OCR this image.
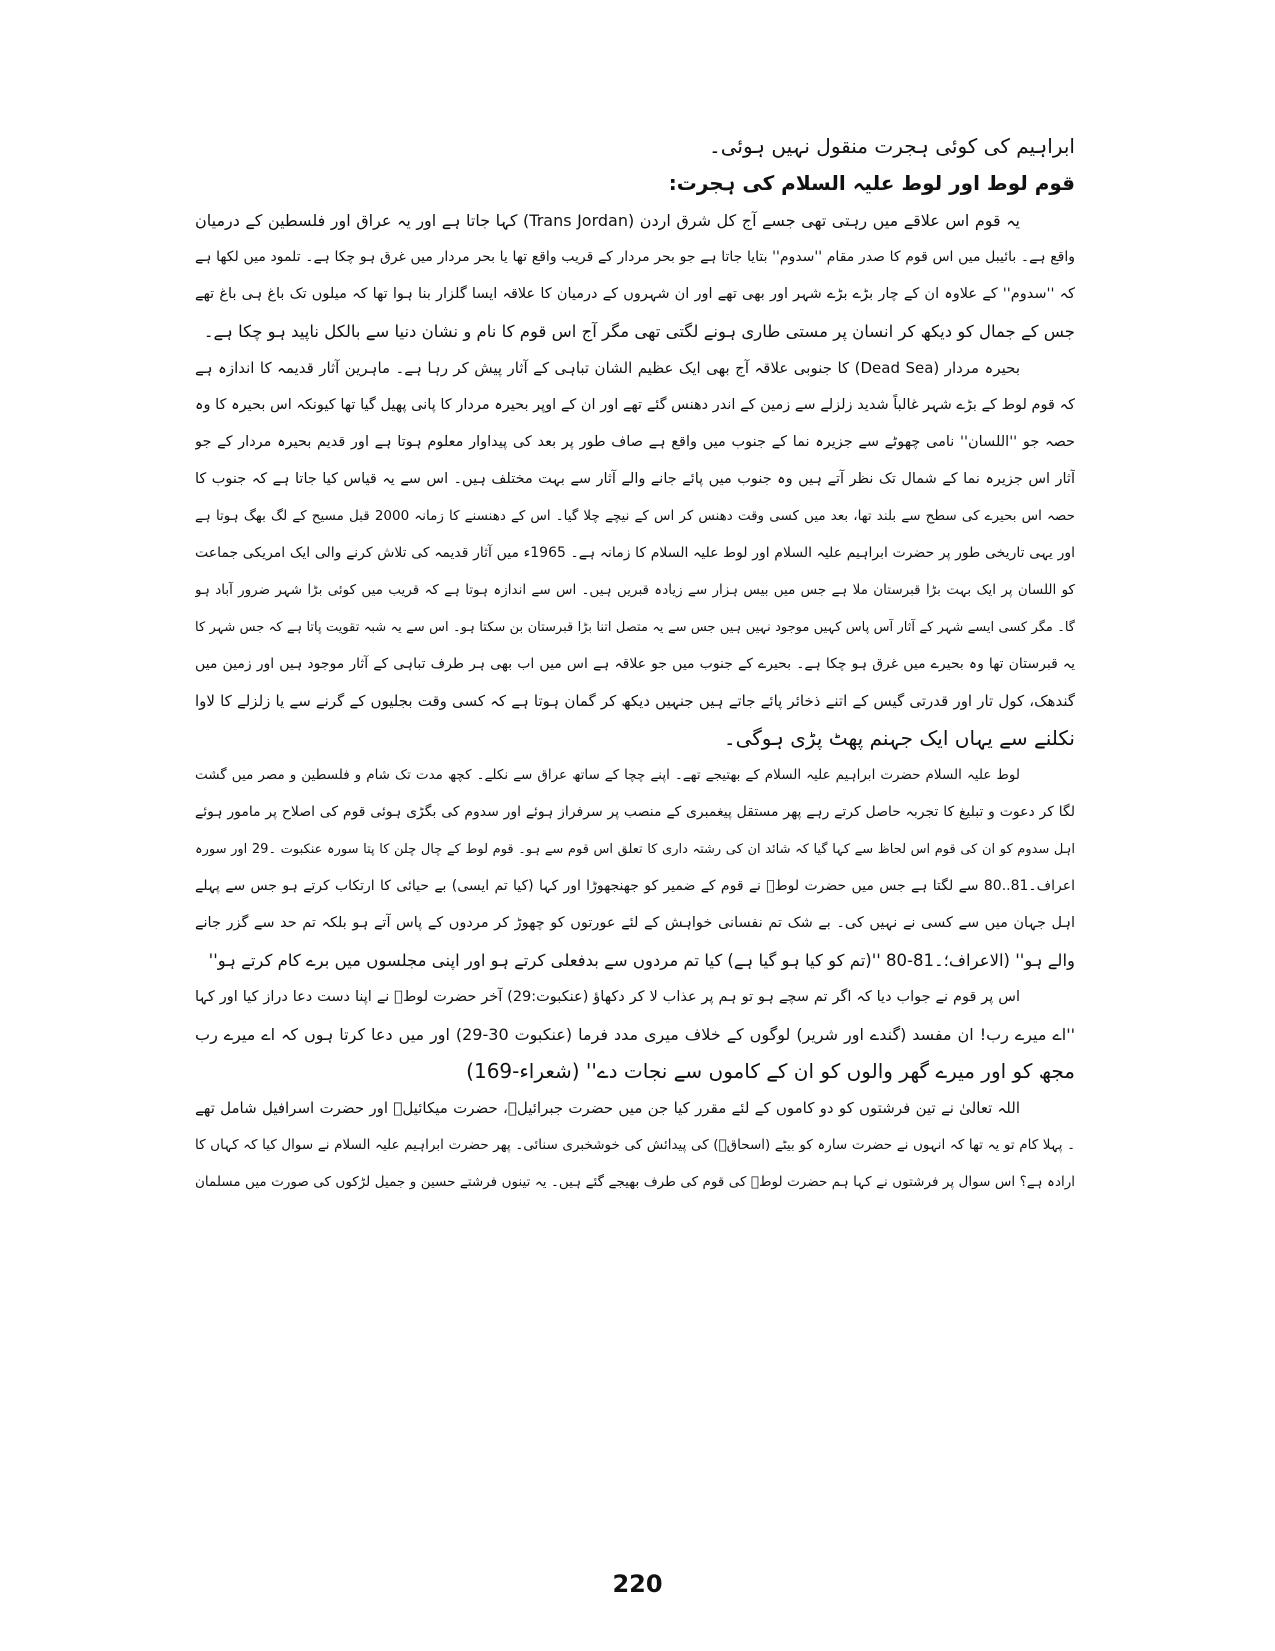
ابراہیم کی کوئی ہجرت منقول نہیں ہوئی۔
قوم لوط اور لوط علیہ السلام کی ہجرت:
یہ قوم اس علاقے میں رہتی تھی جسے آج کل شرق اردن (Trans Jordan) کہا جاتا ہے اور یہ عراق اور فلسطین کے درمیان
واقع ہے۔ بائیبل میں اس قوم کا صدر مقام ''سدوم'' بتایا جاتا ہے جو بحر مردار کے قریب واقع تھا یا بحر مردار میں غرق ہو چکا ہے۔ تلمود میں لکھا ہے
کہ ''سدوم'' کے علاوہ ان کے چار بڑے بڑے شہر اور بھی تھے اور ان شہروں کے درمیان کا علاقہ ایسا گلزار بنا ہوا تھا کہ میلوں تک باغ ہی باغ تھے
جس کے جمال کو دیکھ کر انسان پر مستی طاری ہونے لگتی تھی مگر آج اس قوم کا نام و نشان دنیا سے بالکل ناپید ہو چکا ہے۔
بحیرہ مردار (Dead Sea) کا جنوبی علاقہ آج بھی ایک عظیم الشان تباہی کے آثار پیش کر رہا ہے۔ ماہرین آثار قدیمہ کا اندازہ ہے
کہ قوم لوط کے بڑے شہر غالباً شدید زلزلے سے زمین کے اندر دھنس گئے تھے اور ان کے اوپر بحیرہ مردار کا پانی پھیل گیا تھا کیونکہ اس بحیرہ کا وہ
حصہ جو ''اللسان'' نامی چھوٹے سے جزیرہ نما کے جنوب میں واقع ہے صاف طور پر بعد کی پیداوار معلوم ہوتا ہے اور قدیم بحیرہ مردار کے جو
آثار اس جزیرہ نما کے شمال تک نظر آتے ہیں وہ جنوب میں پائے جانے والے آثار سے بہت مختلف ہیں۔ اس سے یہ قیاس کیا جاتا ہے کہ جنوب کا
حصہ اس بحیرے کی سطح سے بلند تھا، بعد میں کسی وقت دھنس کر اس کے نیچے چلا گیا۔ اس کے دھنسنے کا زمانہ 2000 قبل مسیح کے لگ بھگ ہوتا ہے
اور یہی تاریخی طور پر حضرت ابراہیم علیہ السلام اور لوط علیہ السلام کا زمانہ ہے۔ 1965ء میں آثار قدیمہ کی تلاش کرنے والی ایک امریکی جماعت
کو اللسان پر ایک بہت بڑا قبرستان ملا ہے جس میں بیس ہزار سے زیادہ قبریں ہیں۔ اس سے اندازہ ہوتا ہے کہ قریب میں کوئی بڑا شہر ضرور آباد ہو
گا۔ مگر کسی ایسے شہر کے آثار آس پاس کہیں موجود نہیں ہیں جس سے یہ متصل اتنا بڑا قبرستان بن سکتا ہو۔ اس سے یہ شبہ تقویت پاتا ہے کہ جس شہر کا
یہ قبرستان تھا وہ بحیرے میں غرق ہو چکا ہے۔ بحیرے کے جنوب میں جو علاقہ ہے اس میں اب بھی ہر طرف تباہی کے آثار موجود ہیں اور زمین میں
گندھک، کول تار اور قدرتی گیس کے اتنے ذخائر پائے جاتے ہیں جنہیں دیکھ کر گمان ہوتا ہے کہ کسی وقت بجلیوں کے گرنے سے یا زلزلے کا لاوا
نکلنے سے یہاں ایک جہنم پھٹ پڑی ہوگی۔
لوط علیہ السلام حضرت ابراہیم علیہ السلام کے بھتیجے تھے۔ اپنے چچا کے ساتھ عراق سے نکلے۔ کچھ مدت تک شام و فلسطین و مصر میں گشت
لگا کر دعوت و تبلیغ کا تجربہ حاصل کرتے رہے پھر مستقل پیغمبری کے منصب پر سرفراز ہوئے اور سدوم کی بگڑی ہوئی قوم کی اصلاح پر مامور ہوئے
اہل سدوم کو ان کی قوم اس لحاظ سے کہا گیا کہ شائد ان کی رشتہ داری کا تعلق اس قوم سے ہو۔ قوم لوط کے چال چلن کا پتا سورہ عنکبوت ۔29 اور سورہ
اعراف۔81..80 سے لگتا ہے جس میں حضرت لوطؑ نے قوم کے ضمیر کو جھنجھوڑا اور کہا (کیا تم ایسی) بے حیائی کا ارتکاب کرتے ہو جس سے پہلے
اہل جہان میں سے کسی نے نہیں کی۔ بے شک تم نفسانی خواہش کے لئے عورتوں کو چھوڑ کر مردوں کے پاس آتے ہو بلکہ تم حد سے گزر جانے
والے ہو'' (الاعراف؛۔81-80 ''(تم کو کیا ہو گیا ہے) کیا تم مردوں سے بدفعلی کرتے ہو اور اپنی مجلسوں میں برے کام کرتے ہو''
اس پر قوم نے جواب دیا کہ اگر تم سچے ہو تو ہم پر عذاب لا کر دکھاؤ (عنکبوت:29) آخر حضرت لوطؑ نے اپنا دست دعا دراز کیا اور کہا
''اے میرے رب! ان مفسد (گندے اور شریر) لوگوں کے خلاف میری مدد فرما (عنکبوت 30-29) اور میں دعا کرتا ہوں کہ اے میرے رب
مجھ کو اور میرے گھر والوں کو ان کے کاموں سے نجات دے'' (شعراء-169)
اللہ تعالیٰ نے تین فرشتوں کو دو کاموں کے لئے مقرر کیا جن میں حضرت جبرائیلؑ، حضرت میکائیلؑ اور حضرت اسرافیل شامل تھے
۔ پہلا کام تو یہ تھا کہ انہوں نے حضرت سارہ کو بیٹے (اسحاقؑ) کی پیدائش کی خوشخبری سنائی۔ پھر حضرت ابراہیم علیہ السلام نے سوال کیا کہ کہاں کا
ارادہ ہے؟ اس سوال پر فرشتوں نے کہا ہم حضرت لوطؑ کی قوم کی طرف بھیجے گئے ہیں۔ یہ تینوں فرشتے حسین و جمیل لڑکوں کی صورت میں مسلمان
220
